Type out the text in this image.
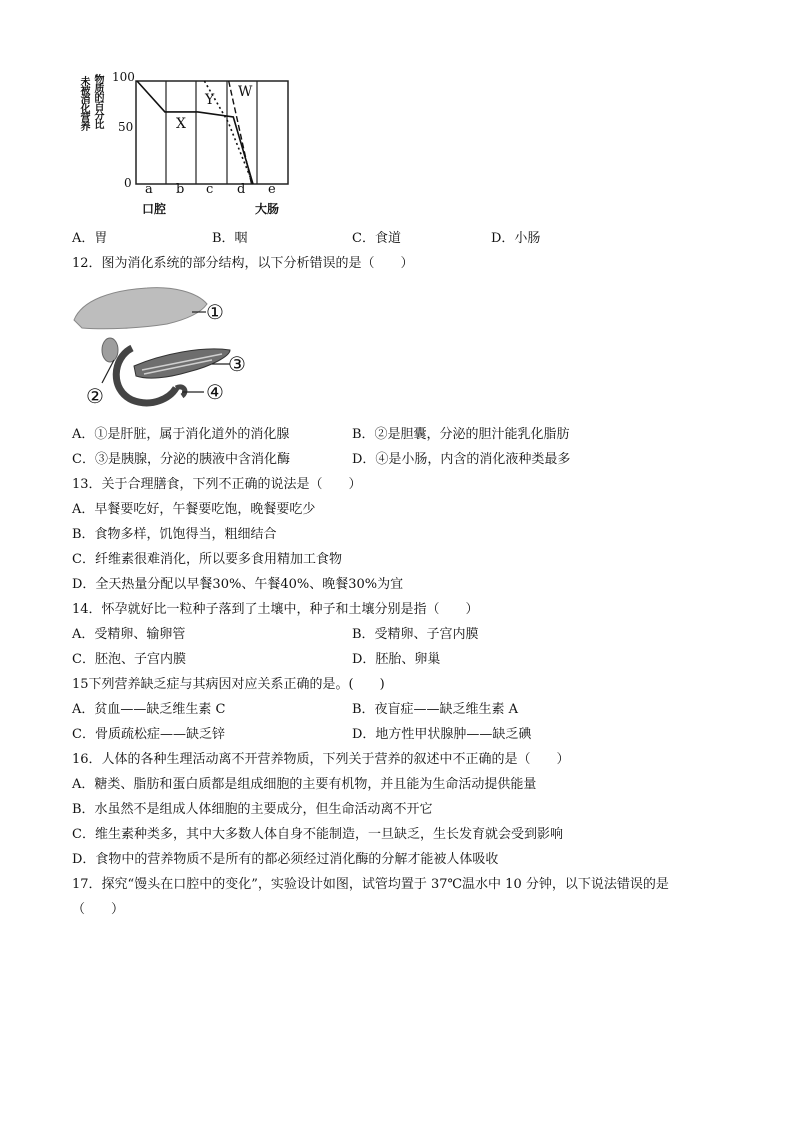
未被消化营养 物质的百分比 100
50
0
X
Y W
a b c d e
口腔	大肠
A．胃	B．咽	C．食道	D．小肠
12．图为消化系统的部分结构，以下分析错误的是（　　）
①
②
③
④
A．①是肝脏，属于消化道外的消化腺	B．②是胆囊，分泌的胆汁能乳化脂肪
C．③是胰腺，分泌的胰液中含消化酶	D．④是小肠，内含的消化液种类最多
13．关于合理膳食，下列不正确的说法是（　　）
A．早餐要吃好，午餐要吃饱，晚餐要吃少
B．食物多样，饥饱得当，粗细结合
C．纤维素很难消化，所以要多食用精加工食物
D．全天热量分配以早餐30%、午餐40%、晚餐30%为宜
14．怀孕就好比一粒种子落到了土壤中，种子和土壤分别是指（　　）
A．受精卵、输卵管	B．受精卵、子宫内膜
C．胚泡、子宫内膜	D．胚胎、卵巢
15下列营养缺乏症与其病因对应关系正确的是。(　　)
A．贫血——缺乏维生素 C	B．夜盲症——缺乏维生素 A
C．骨质疏松症——缺乏锌	D．地方性甲状腺肿——缺乏碘
16．人体的各种生理活动离不开营养物质，下列关于营养的叙述中不正确的是（　　）
A．糖类、脂肪和蛋白质都是组成细胞的主要有机物，并且能为生命活动提供能量
B．水虽然不是组成人体细胞的主要成分，但生命活动离不开它
C．维生素种类多，其中大多数人体自身不能制造，一旦缺乏，生长发育就会受到影响
D．食物中的营养物质不是所有的都必须经过消化酶的分解才能被人体吸收
17．探究“馒头在口腔中的变化”，实验设计如图，试管均置于 37℃温水中 10 分钟，以下说法错误的是
（　　）
